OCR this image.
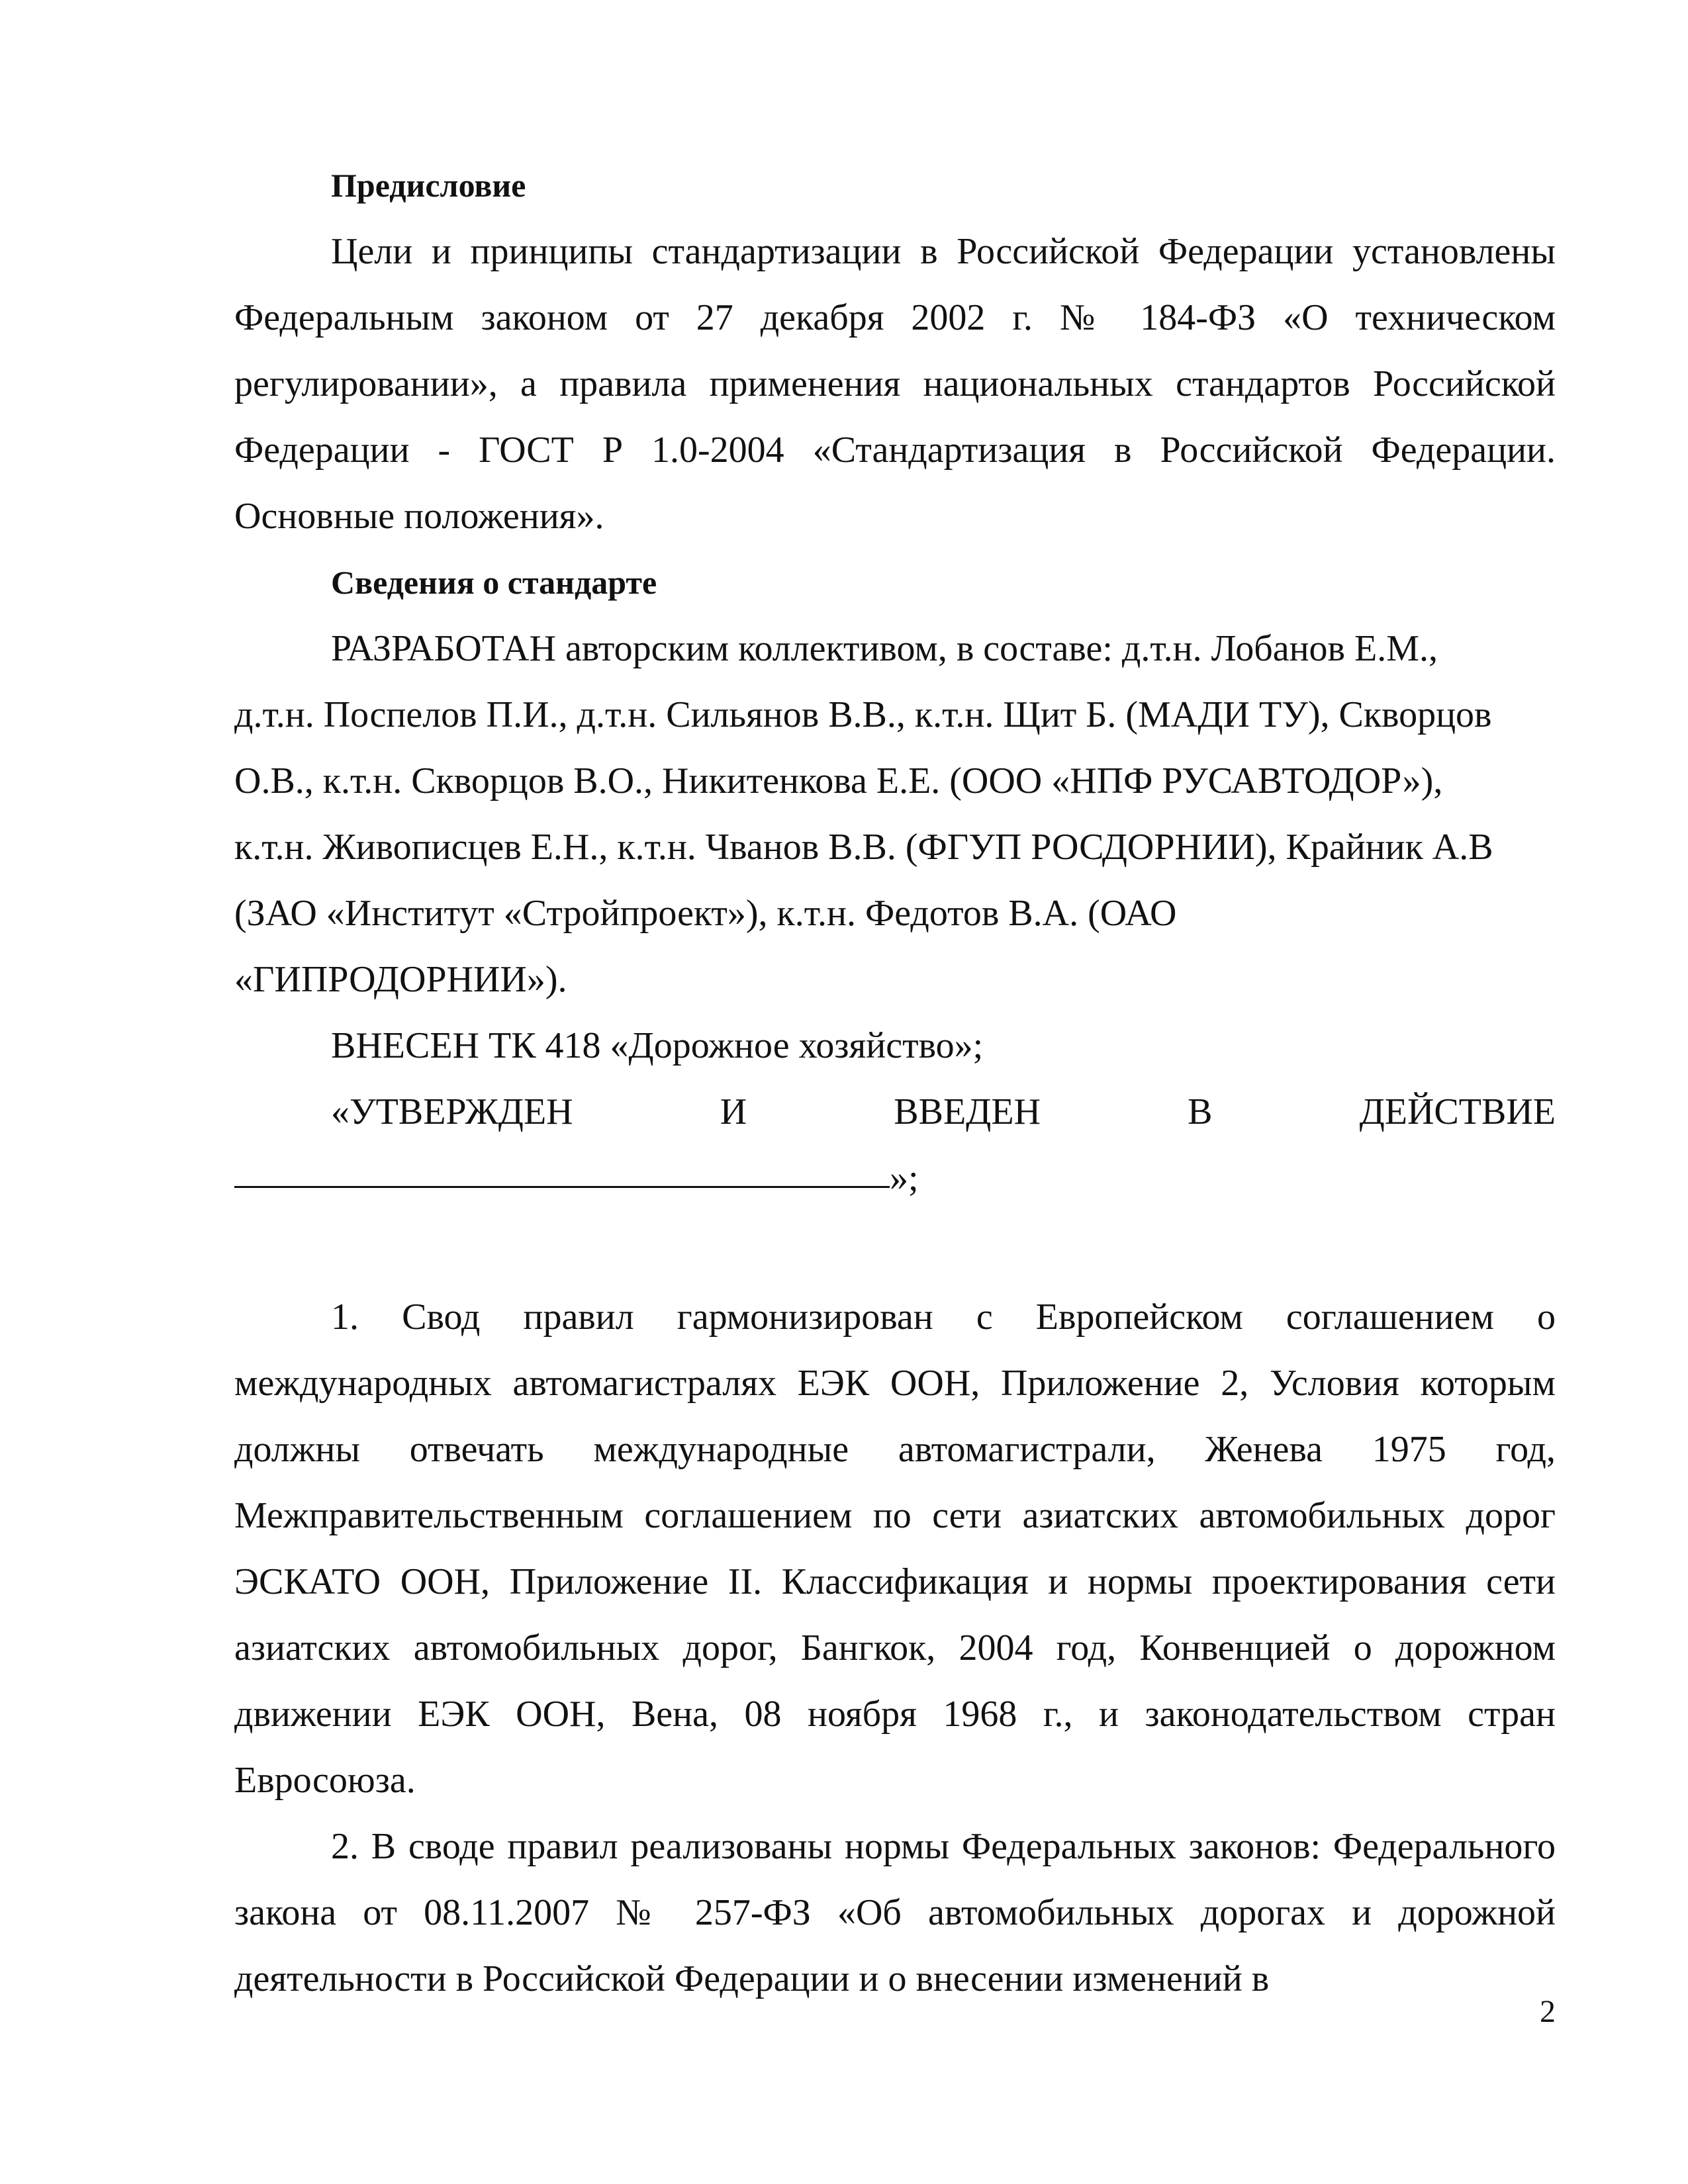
Предисловие

Цели и принципы стандартизации в Российской Федерации установлены Федеральным законом от 27 декабря 2002 г. № 184-ФЗ «О техническом регулировании», а правила применения национальных стандартов Российской Федерации - ГОСТ Р 1.0-2004 «Стандартизация в Российской Федерации. Основные положения».

Сведения о стандарте
РАЗРАБОТАН авторским коллективом, в составе: д.т.н. Лобанов Е.М.,
д.т.н. Поспелов П.И., д.т.н. Сильянов В.В., к.т.н. Щит Б. (МАДИ ТУ), Скворцов
О.В., к.т.н. Скворцов В.О., Никитенкова Е.Е. (ООО «НПФ РУСАВТОДОР»),
к.т.н. Живописцев Е.Н., к.т.н. Чванов В.В. (ФГУП РОСДОРНИИ), Крайник А.В
(ЗАО «Институт «Стройпроект»), к.т.н. Федотов В.А. (ОАО
«ГИПРОДОРНИИ»).
ВНЕСЕН ТК 418 «Дорожное хозяйство»;
«УТВЕРЖДЕН	И	ВВЕДЕН	В	ДЕЙСТВИЕ
»;

1. Свод правил гармонизирован с Европейском соглашением о международных автомагистралях ЕЭК ООН, Приложение 2, Условия которым должны отвечать международные автомагистрали, Женева 1975 год, Межправительственным соглашением по сети азиатских автомобильных дорог ЭСКАТО ООН, Приложение II. Классификация и нормы проектирования сети азиатских автомобильных дорог, Бангкок, 2004 год, Конвенцией о дорожном движении ЕЭК ООН, Вена, 08 ноября 1968 г., и законодательством стран Евросоюза.

2. В своде правил реализованы нормы Федеральных законов: Федерального закона от 08.11.2007 № 257-ФЗ «Об автомобильных дорогах и дорожной деятельности в Российской Федерации и о внесении изменений в

2
